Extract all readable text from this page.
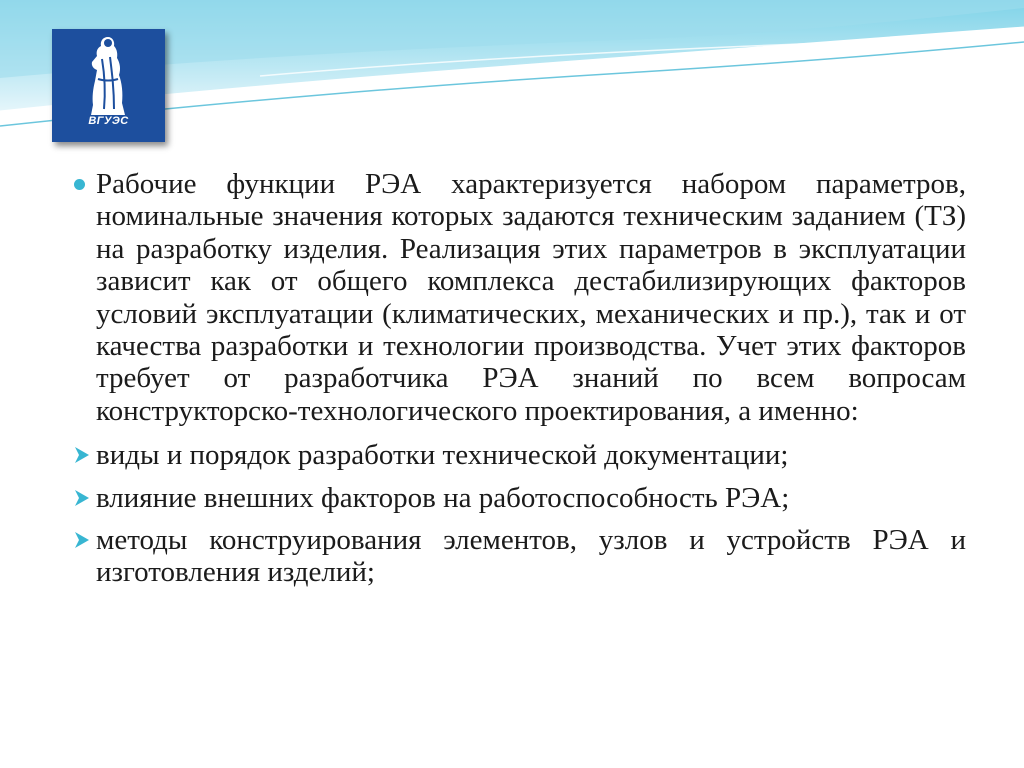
ВГУЭС
Рабочие функции РЭА характеризуется набором параметров, номинальные значения которых задаются техническим заданием (ТЗ) на разработку изделия. Реализация этих параметров в эксплуатации зависит как от общего комплекса дестабилизирующих факторов условий эксплуатации (климатических, механических и пр.), так и от качества разработки и технологии производства. Учет этих факторов требует от разработчика РЭА знаний по всем вопросам конструкторско-технологического проектирования, а именно:
виды и порядок разработки технической документации;
влияние внешних факторов на работоспособность РЭА;
методы конструирования элементов, узлов и устройств РЭА и изготовления изделий;
